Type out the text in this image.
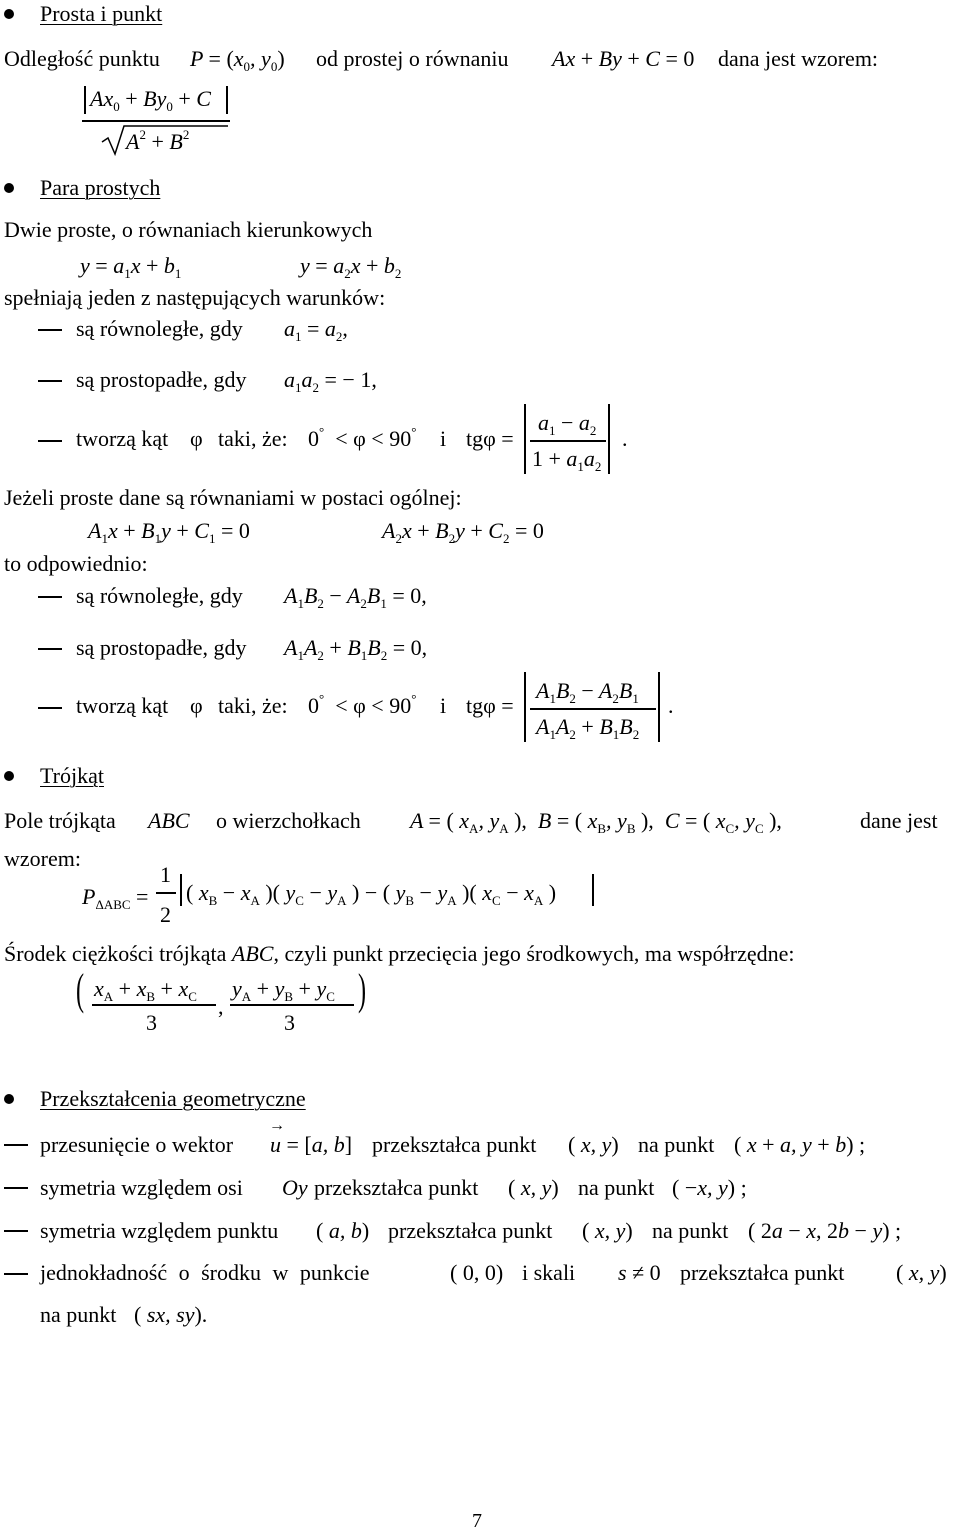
Prosta i punkt
Odległość punktu $P = (x_0$, $y_0$) od prostej o równaniu Ax + By + C = 0 dana jest wzorem:
$Ax_0 + By_0 + C$
$A^2 + B^2$
Para prostych
Dwie proste, o równaniach kierunkowych
$y = a_1x + b_1$	$y = a_2x + b_2$
spełniają jeden z następujących warunków:
są równoległe, gdy $a_1 = a_2$,
są prostopadłe, gdy $a_1a_2$ = − 1,
tworzą kąt φ taki, że: 0°  < φ < 90° i tgφ =
$a_1 - a_2$
$1 + a_1a_2$
.
Jeżeli proste dane są równaniami w postaci ogólnej:
$A_1x + B_1y + C_1 = 0$	$A_2x + B_2y + C_2 = 0$
to odpowiednio:
są równoległe, gdy $A_1B_2 - A_2B_1 = 0$,
są prostopadłe, gdy $A_1A_2 + B_1B_2 = 0$,
tworzą kąt φ taki, że: 0°  < φ < 90° i tgφ =
$A_1B_2 - A_2B_1$
$A_1A_2 + B_1B_2$
.
Trójkąt
Pole trójkąta ABC o wierzchołkach A = ( $x_A$, $y_A$ ),  B = ( $x_B$, $y_B$ ),  C = ( $x_C$, $y_C$ ),	dane jest
wzorem:
$P_{\Delta ABC}$ =
1
2
( $x_B - x_A$ )( $y_C - y_A$ ) − ( $y_B - y_A$ )( $x_C - x_A$ )
Środek ciężkości trójkąta ABC, czyli punkt przecięcia jego środkowych, ma współrzędne:
( $x_A + x_B + x_C$
3
,
$y_A + y_B + y_C$
3
)
Przekształcenia geometryczne
przesunięcie o wektor u
→
= [a, b] przekształca punkt ( x, y) na punkt ( x + a, y + b) ;
symetria względem osi Oy przekształca punkt ( x, y) na punkt ( −x, y) ;
symetria względem punktu ( a, b) przekształca punkt ( x, y) na punkt ( 2a − x, 2b − y) ;
jednokładność o środku w punkcie	( 0, 0) i skali s ≠ 0 przekształca punkt ( x, y)
na punkt ( sx, sy).
7
